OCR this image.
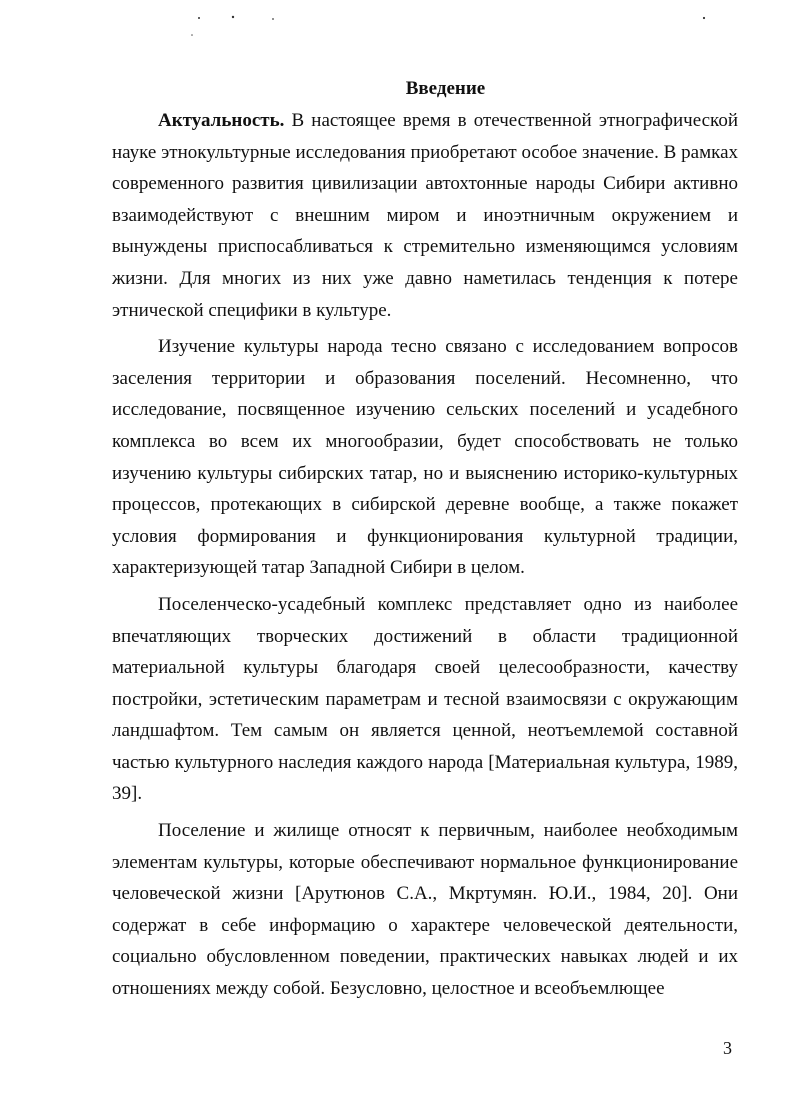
Введение

Актуальность. В настоящее время в отечественной этнографической науке этнокультурные исследования приобретают особое значение. В рамках современного развития цивилизации автохтонные народы Сибири активно взаимодействуют с внешним миром и иноэтничным окружением и вынуждены приспосабливаться к стремительно изменяющимся условиям жизни. Для многих из них уже давно наметилась тенденция к потере этнической специфики в культуре.

Изучение культуры народа тесно связано с исследованием вопросов заселения территории и образования поселений. Несомненно, что исследование, посвященное изучению сельских поселений и усадебного комплекса во всем их многообразии, будет способствовать не только изучению культуры сибирских татар, но и выяснению историко-культурных процессов, протекающих в сибирской деревне вообще, а также покажет условия формирования и функционирования культурной традиции, характеризующей татар Западной Сибири в целом.

Поселенческо-усадебный комплекс представляет одно из наиболее впечатляющих творческих достижений в области традиционной материальной культуры благодаря своей целесообразности, качеству постройки, эстетическим параметрам и тесной взаимосвязи с окружающим ландшафтом. Тем самым он является ценной, неотъемлемой составной частью культурного наследия каждого народа [Материальная культура, 1989, 39].

Поселение и жилище относят к первичным, наиболее необходимым элементам культуры, которые обеспечивают нормальное функционирование человеческой жизни [Арутюнов С.А., Мкртумян. Ю.И., 1984, 20]. Они содержат в себе информацию о характере человеческой деятельности, социально обусловленном поведении, практических навыках людей и их отношениях между собой. Безусловно, целостное и всеобъемлющее

3
